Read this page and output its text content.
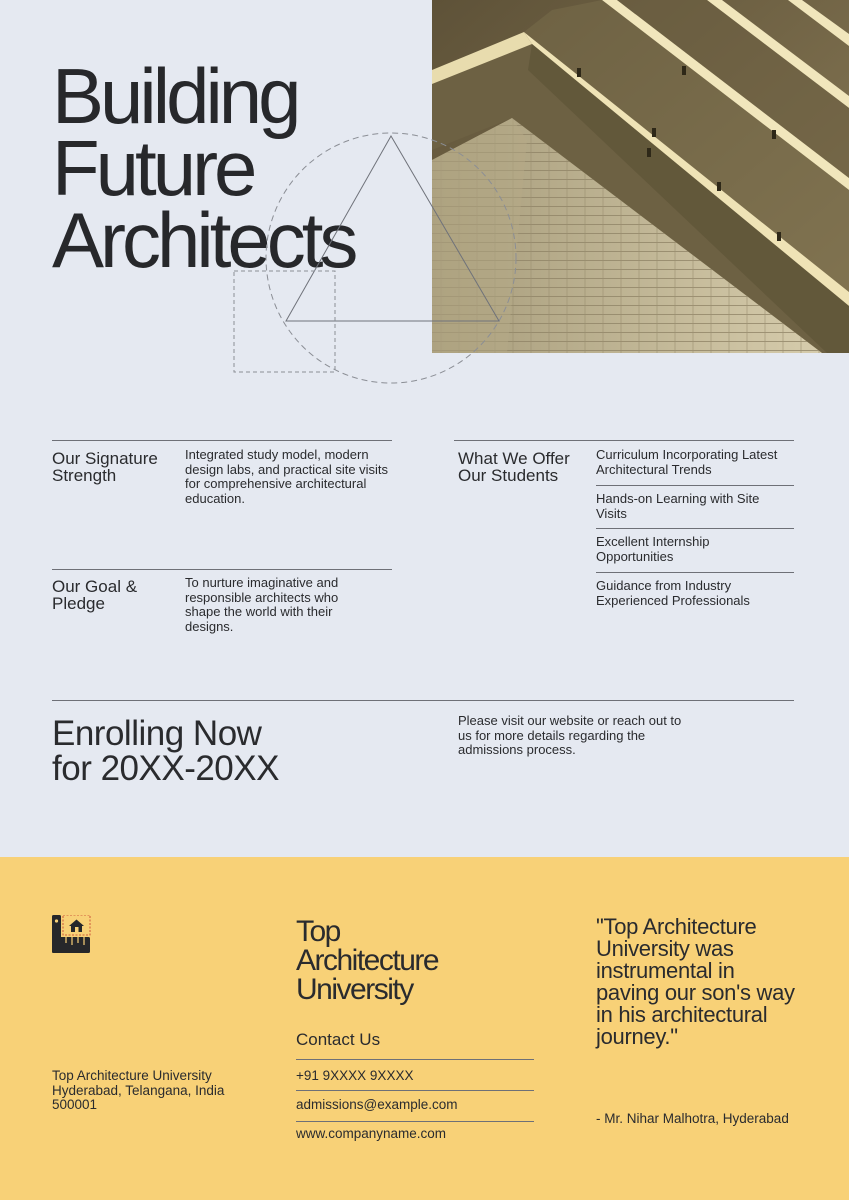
Building
Future
Architects
Our Signature Strength
Integrated study model, modern design labs, and practical site visits for comprehensive architectural education.
Our Goal & Pledge
To nurture imaginative and responsible architects who shape the world with their designs.
What We Offer Our Students
Curriculum Incorporating Latest Architectural Trends
Hands-on Learning with Site Visits
Excellent Internship Opportunities
Guidance from Industry Experienced Professionals
Enrolling Now
for 20XX-20XX
Please visit our website or reach out to us for more details regarding the admissions process.
Top Architecture University
Hyderabad, Telangana, India
500001
Top
Architecture
University
Contact Us
+91 9XXXX 9XXXX
admissions@example.com
www.companyname.com
"Top Architecture University was instrumental in paving our son's way in his architectural journey."
- Mr. Nihar Malhotra, Hyderabad
